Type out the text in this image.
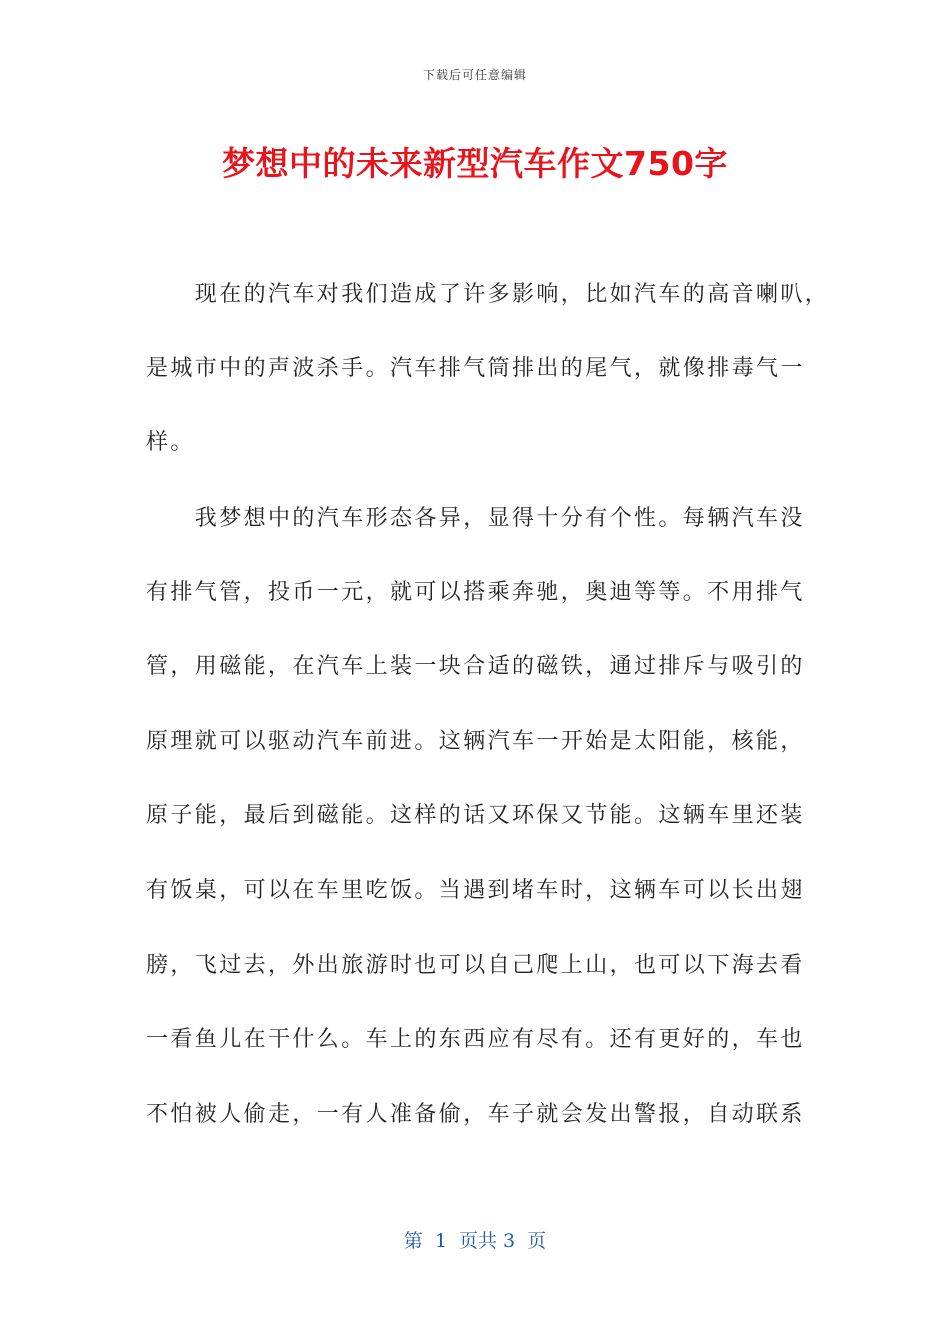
下载后可任意编辑
梦想中的未来新型汽车作文750字
　　现在的汽车对我们造成了许多影响，比如汽车的高音喇叭，
是城市中的声波杀手。汽车排气筒排出的尾气，就像排毒气一
样。
　　我梦想中的汽车形态各异，显得十分有个性。每辆汽车没
有排气管，投币一元，就可以搭乘奔驰，奥迪等等。不用排气
管，用磁能，在汽车上装一块合适的磁铁，通过排斥与吸引的
原理就可以驱动汽车前进。这辆汽车一开始是太阳能，核能，
原子能，最后到磁能。这样的话又环保又节能。这辆车里还装
有饭桌，可以在车里吃饭。当遇到堵车时，这辆车可以长出翅
膀，飞过去，外出旅游时也可以自己爬上山，也可以下海去看
一看鱼儿在干什么。车上的东西应有尽有。还有更好的，车也
不怕被人偷走，一有人准备偷，车子就会发出警报，自动联系
第  1  页共 3  页
